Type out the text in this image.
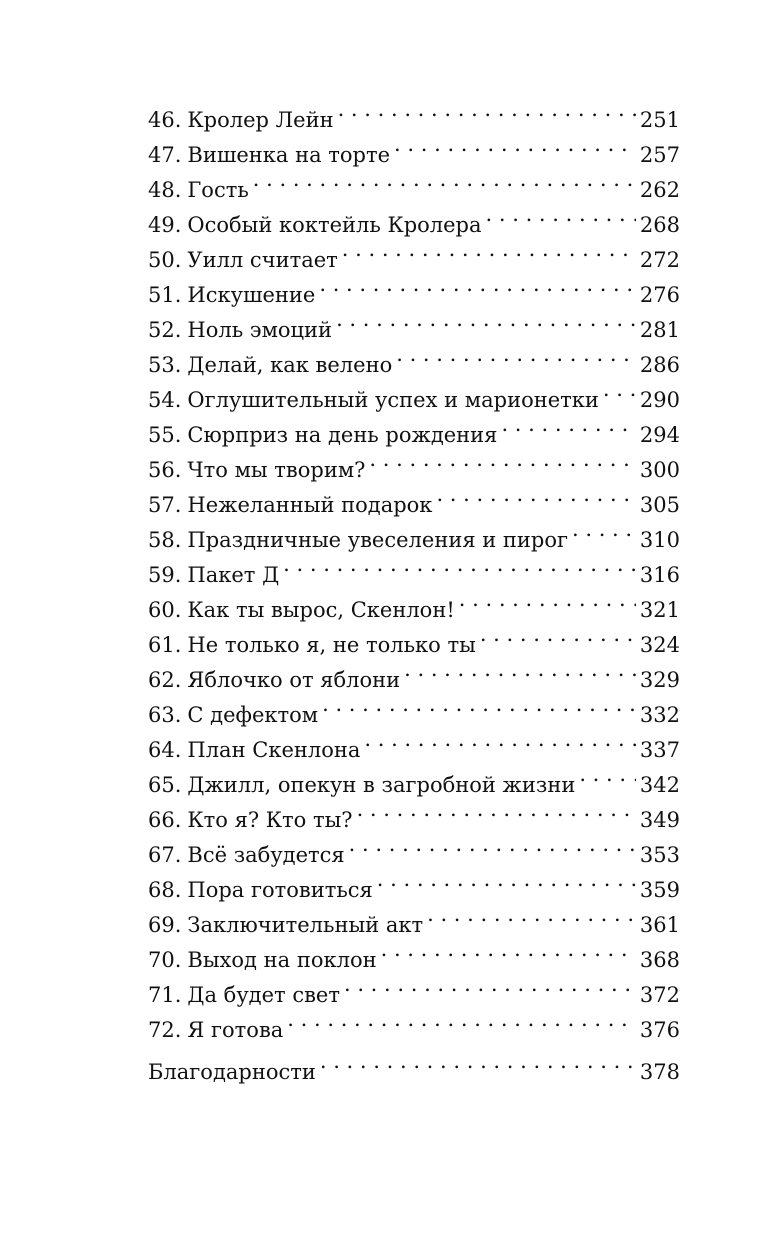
46. Кролер Лейн . . .	251
47. Вишенка на торте . . .	257
48. Гость . . .	262
49. Особый коктейль Кролера . . .	268
50. Уилл считает . . .	272
51. Искушение . . .	276
52. Ноль эмоций . . .	281
53. Делай, как велено . . .	286
54. Оглушительный успех и марионетки . . . 290
55. Сюрприз на день рождения . . .	294
56. Что мы творим? . . .	300
57. Нежеланный подарок . . .	305
58. Праздничные увеселения и пирог . . .	310
59. Пакет Д . . .	316
60. Как ты вырос, Скенлон! . . .	321
61. Не только я, не только ты . . .	324
62. Яблочко от яблони . . .	329
63. С дефектом . . .	332
64. План Скенлона . . .	337
65. Джилл, опекун в загробной жизни . . .	342
66. Кто я? Кто ты? . . .	349
67. Всё забудется . . .	353
68. Пора готовиться . . .	359
69. Заключительный акт . . .	361
70. Выход на поклон . . .	368
71. Да будет свет . . .	372
72. Я готова . . .	376
Благодарности . . .	378
